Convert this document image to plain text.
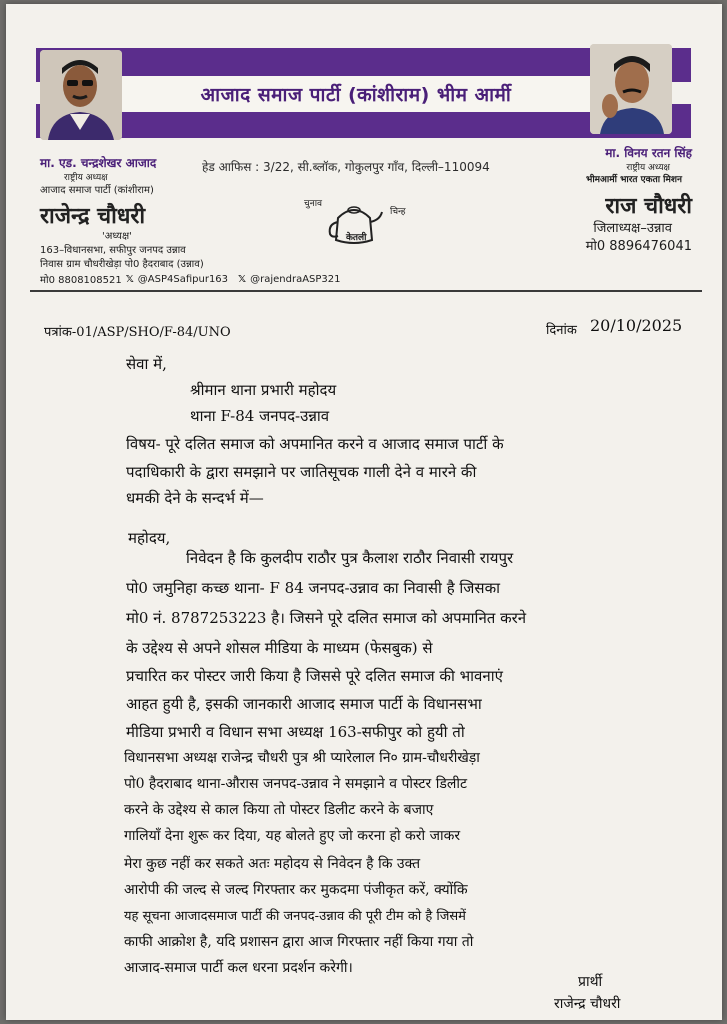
आजाद समाज पार्टी (कांशीराम) भीम आर्मी
मा. एड. चन्द्रशेखर आजाद
राष्ट्रीय अध्यक्ष
आजाद समाज पार्टी (कांशीराम)
मा. विनय रतन सिंह
राष्ट्रीय अध्यक्ष
भीमआर्मी भारत एकता मिशन
हेड आफिस : 3/22, सी.ब्लॉक, गोकुलपुर गाँव, दिल्ली–110094
राजेन्द्र चौधरी
'अध्यक्ष'
163–विधानसभा, सफीपुर जनपद उन्नाव
निवास ग्राम चौधरीखेड़ा पो0 हैदराबाद (उन्नाव)
मो0 8808108521 𝕏 @ASP4Safipur163 𝕏 @rajendraASP321
चुनाव
चिन्ह
केतली
राज चौधरी
जिलाध्यक्ष–उन्नाव
मो0 8896476041
पत्रांक-01/ASP/SHO/F-84/UNO	दिनांक 20/10/2025
सेवा में,
श्रीमान थाना प्रभारी महोदय
थाना F-84 जनपद-उन्नाव
विषय- पूरे दलित समाज को अपमानित करने व आजाद समाज पार्टी के
पदाधिकारी के द्वारा समझाने पर जातिसूचक गाली देने व मारने की
धमकी देने के सन्दर्भ में—
महोदय,
निवेदन है कि कुलदीप राठौर पुत्र कैलाश राठौर निवासी रायपुर
पो0 जमुनिहा कच्छ थाना- F 84 जनपद-उन्नाव का निवासी है जिसका
मो0 नं. 8787253223 है। जिसने पूरे दलित समाज को अपमानित करने
के उद्देश्य से अपने शोसल मीडिया के माध्यम (फेसबुक) से
प्रचारित कर पोस्टर जारी किया है जिससे पूरे दलित समाज की भावनाएं
आहत हुयी है, इसकी जानकारी आजाद समाज पार्टी के विधानसभा
मीडिया प्रभारी व विधान सभा अध्यक्ष 163-सफीपुर को हुयी तो
विधानसभा अध्यक्ष राजेन्द्र चौधरी पुत्र श्री प्यारेलाल नि० ग्राम-चौधरीखेड़ा
पो0 हैदराबाद थाना-औरास जनपद-उन्नाव ने समझाने व पोस्टर डिलीट
करने के उद्देश्य से काल किया तो पोस्टर डिलीट करने के बजाए
गालियाँ देना शुरू कर दिया, यह बोलते हुए जो करना हो करो जाकर
मेरा कुछ नहीं कर सकते अतः महोदय से निवेदन है कि उक्त
आरोपी की जल्द से जल्द गिरफ्तार कर मुकदमा पंजीकृत करें, क्योंकि
यह सूचना आजादसमाज पार्टी की जनपद-उन्नाव की पूरी टीम को है जिसमें
काफी आक्रोश है, यदि प्रशासन द्वारा आज गिरफ्तार नहीं किया गया तो
आजाद-समाज पार्टी कल धरना प्रदर्शन करेगी।
प्रार्थी
राजेन्द्र चौधरी
